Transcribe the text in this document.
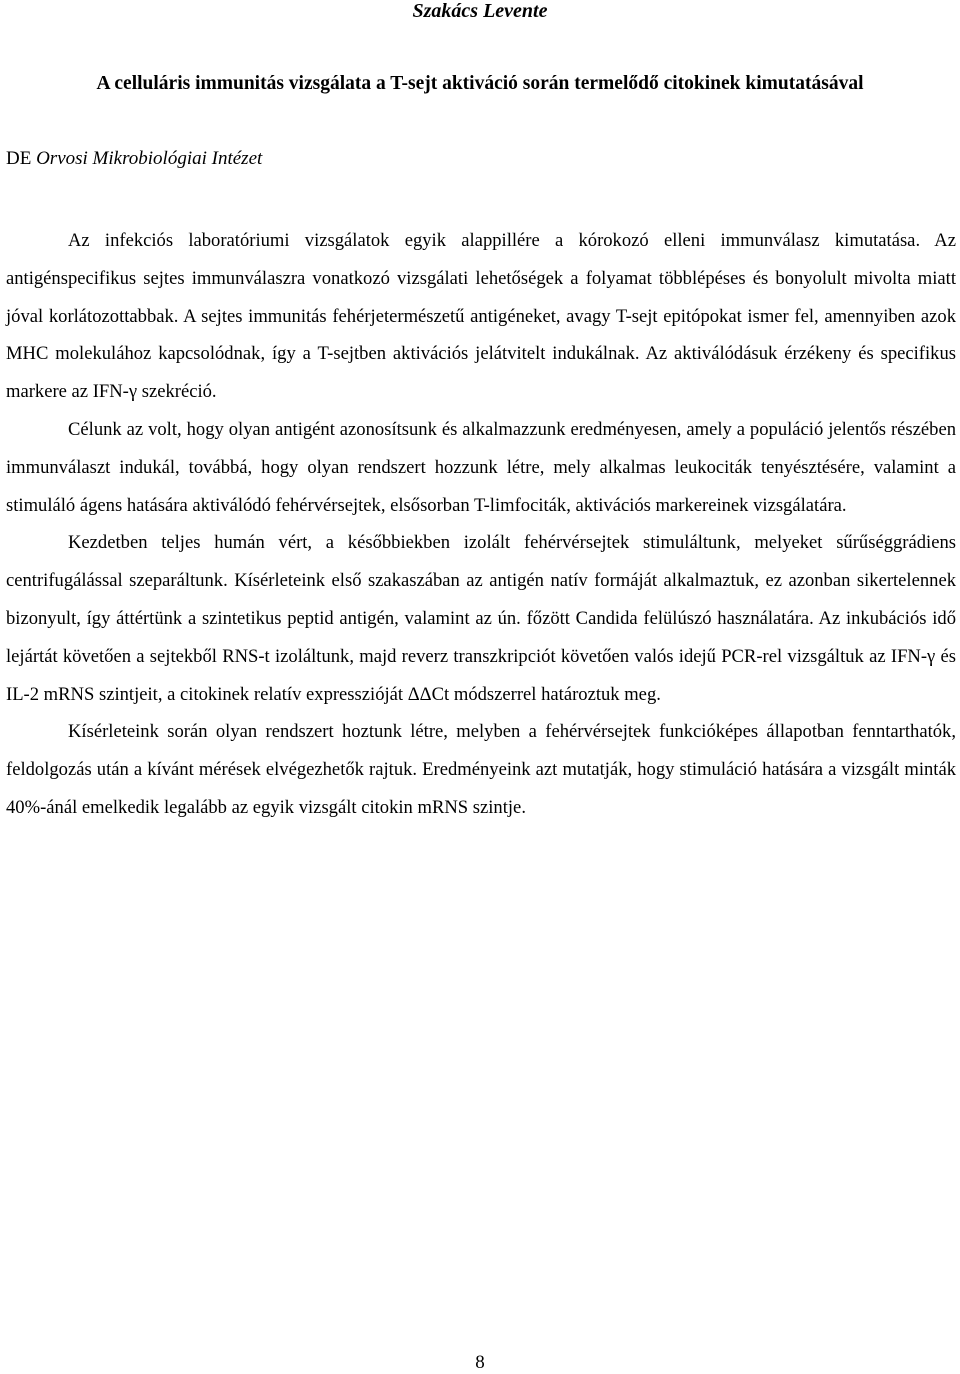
Szakács Levente
A celluláris immunitás vizsgálata a T-sejt aktiváció során termelődő citokinek kimutatásával
DE Orvosi Mikrobiológiai Intézet

Az infekciós laboratóriumi vizsgálatok egyik alappillére a kórokozó elleni immunválasz kimutatása. Az antigénspecifikus sejtes immunválaszra vonatkozó vizsgálati lehetőségek a folyamat többlépéses és bonyolult mivolta miatt jóval korlátozottabbak. A sejtes immunitás fehérjetermészetű antigéneket, avagy T-sejt epitópokat ismer fel, amennyiben azok MHC molekulához kapcsolódnak, így a T-sejtben aktivációs jelátvitelt indukálnak. Az aktiválódásuk érzékeny és specifikus markere az IFN-γ szekréció.

Célunk az volt, hogy olyan antigént azonosítsunk és alkalmazzunk eredményesen, amely a populáció jelentős részében immunválaszt indukál, továbbá, hogy olyan rendszert hozzunk létre, mely alkalmas leukociták tenyésztésére, valamint a stimuláló ágens hatására aktiválódó fehérvérsejtek, elsősorban T-limfociták, aktivációs markereinek vizsgálatára.

Kezdetben teljes humán vért, a későbbiekben izolált fehérvérsejtek stimuláltunk, melyeket sűrűséggrádiens centrifugálással szeparáltunk. Kísérleteink első szakaszában az antigén natív formáját alkalmaztuk, ez azonban sikertelennek bizonyult, így áttértünk a szintetikus peptid antigén, valamint az ún. főzött Candida felülúszó használatára. Az inkubációs idő lejártát követően a sejtekből RNS-t izoláltunk, majd reverz transzkripciót követően valós idejű PCR-rel vizsgáltuk az IFN-γ és IL-2 mRNS szintjeit, a citokinek relatív expresszióját ΔΔCt módszerrel határoztuk meg.

Kísérleteink során olyan rendszert hoztunk létre, melyben a fehérvérsejtek funkcióképes állapotban fenntarthatók, feldolgozás után a kívánt mérések elvégezhetők rajtuk. Eredményeink azt mutatják, hogy stimuláció hatására a vizsgált minták 40%-ánál emelkedik legalább az egyik vizsgált citokin mRNS szintje.

8
